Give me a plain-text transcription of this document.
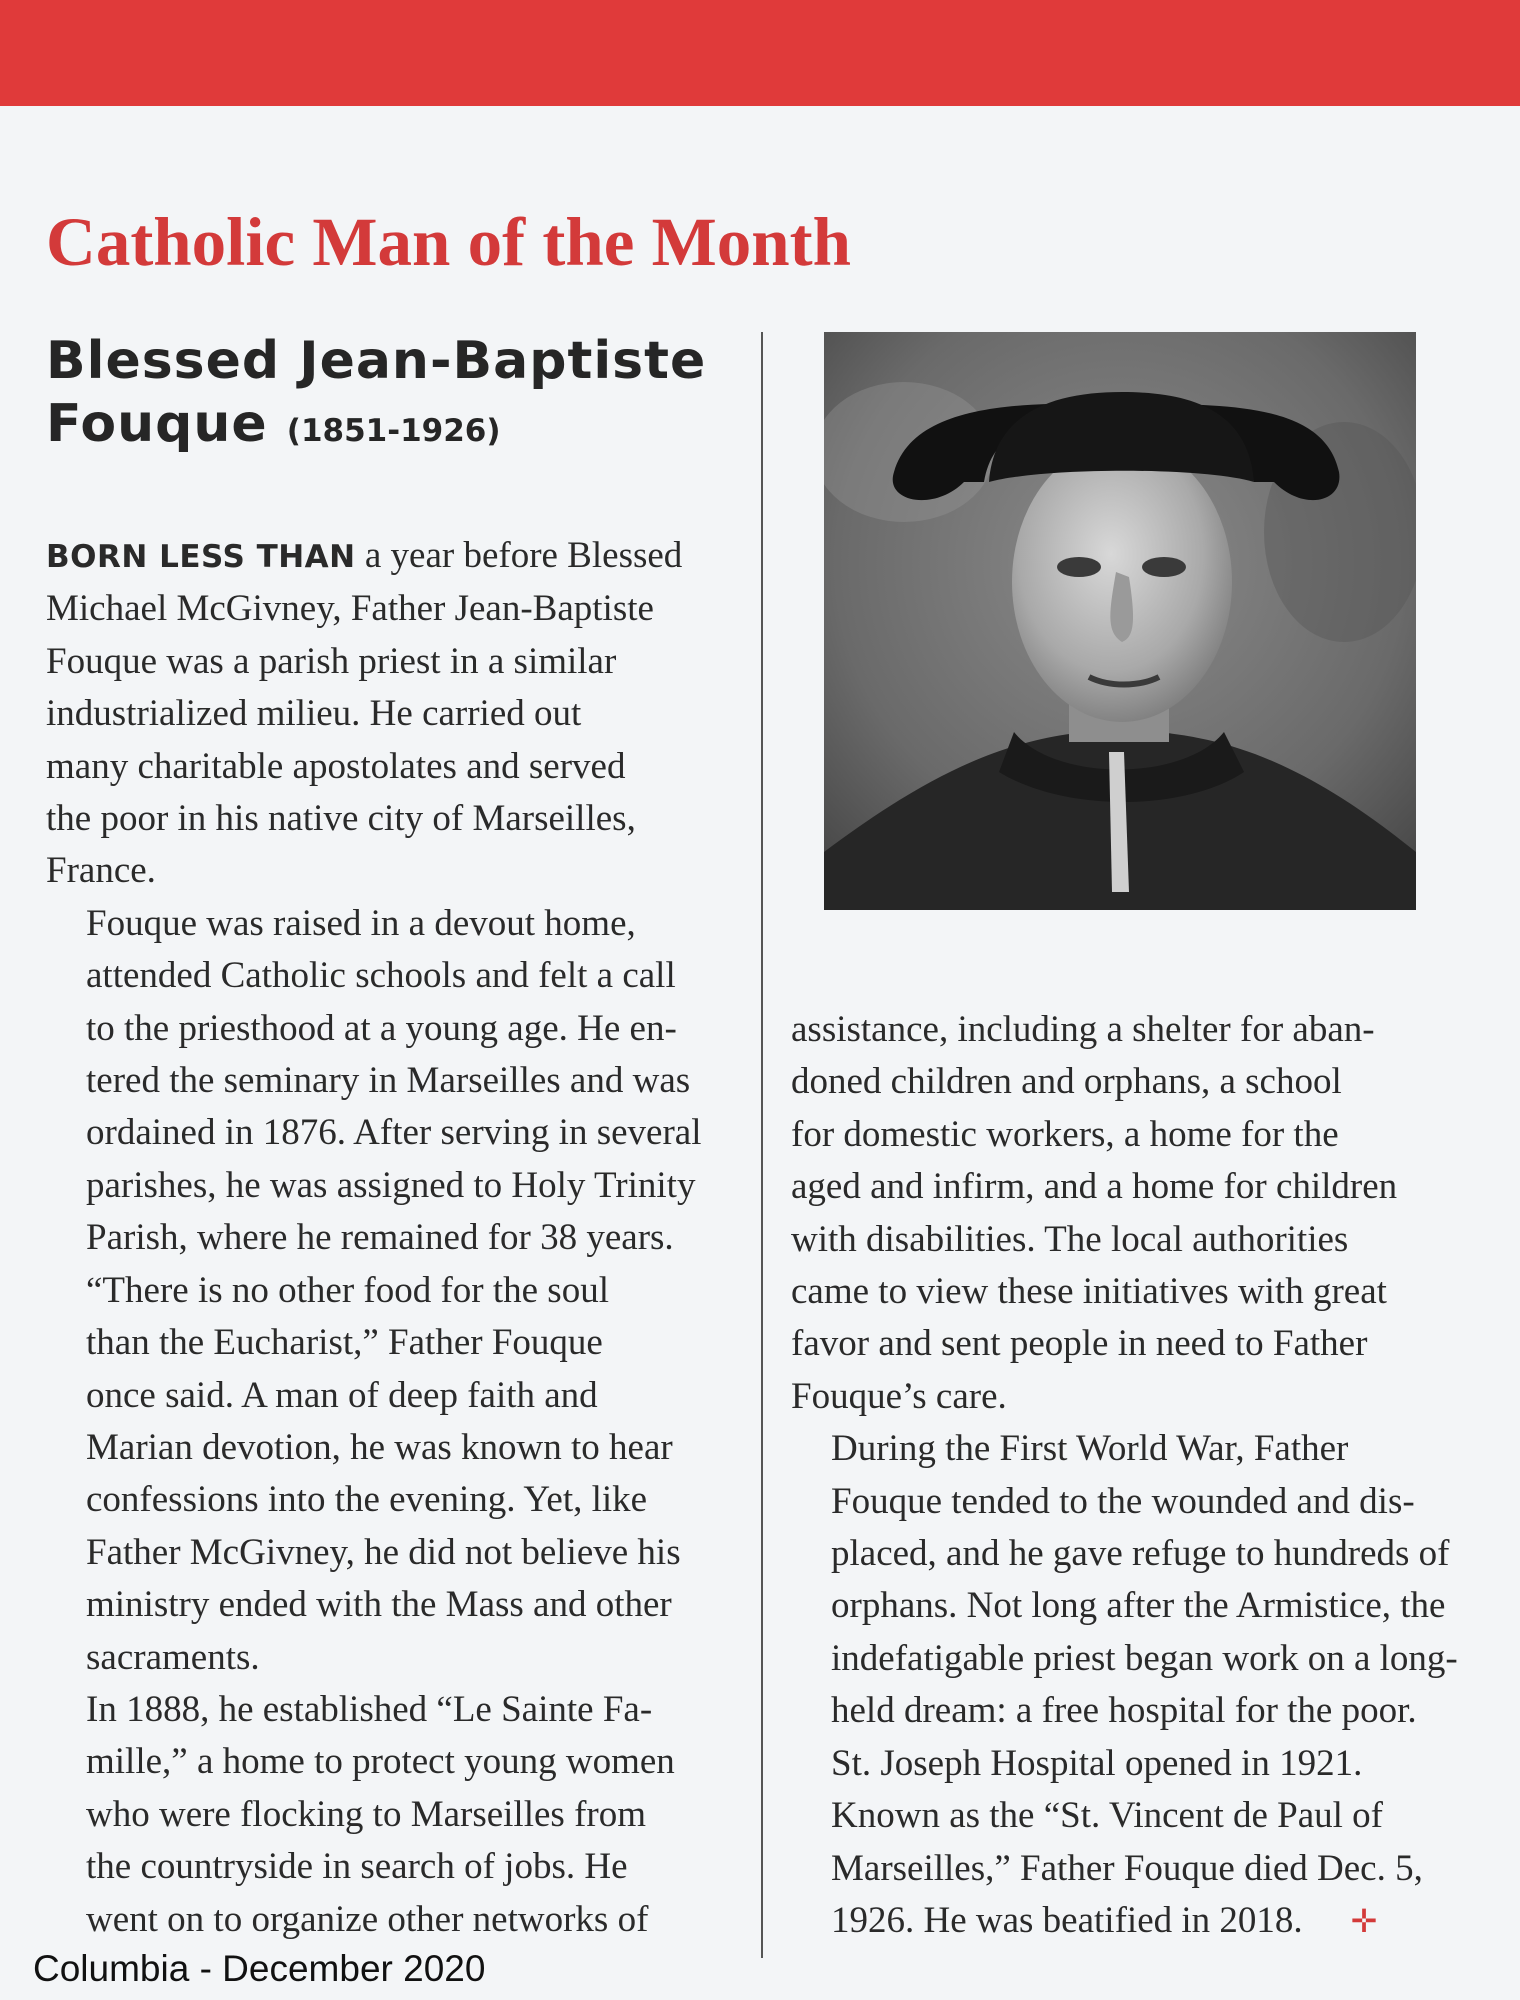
Catholic Man of the Month
Blessed Jean-Baptiste
Fouque (1851-1926)

BORN LESS THAN a year before Blessed
Michael McGivney, Father Jean-Baptiste
Fouque was a parish priest in a similar
industrialized milieu. He carried out
many charitable apostolates and served
the poor in his native city of Marseilles,
France.

Fouque was raised in a devout home,
attended Catholic schools and felt a call
to the priesthood at a young age. He en-
tered the seminary in Marseilles and was
ordained in 1876. After serving in several
parishes, he was assigned to Holy Trinity
Parish, where he remained for 38 years.

“There is no other food for the soul
than the Eucharist,” Father Fouque
once said. A man of deep faith and
Marian devotion, he was known to hear
confessions into the evening. Yet, like
Father McGivney, he did not believe his
ministry ended with the Mass and other
sacraments.

In 1888, he established “Le Sainte Fa-
mille,” a home to protect young women
who were flocking to Marseilles from
the countryside in search of jobs. He
went on to organize other networks of

assistance, including a shelter for aban-
doned children and orphans, a school
for domestic workers, a home for the
aged and infirm, and a home for children
with disabilities. The local authorities
came to view these initiatives with great
favor and sent people in need to Father
Fouque’s care.

During the First World War, Father
Fouque tended to the wounded and dis-
placed, and he gave refuge to hundreds of
orphans. Not long after the Armistice, the
indefatigable priest began work on a long-
held dream: a free hospital for the poor.
St. Joseph Hospital opened in 1921.

Known as the “St. Vincent de Paul of
Marseilles,” Father Fouque died Dec. 5,
1926. He was beatified in 2018. ✛

Columbia - December 2020
